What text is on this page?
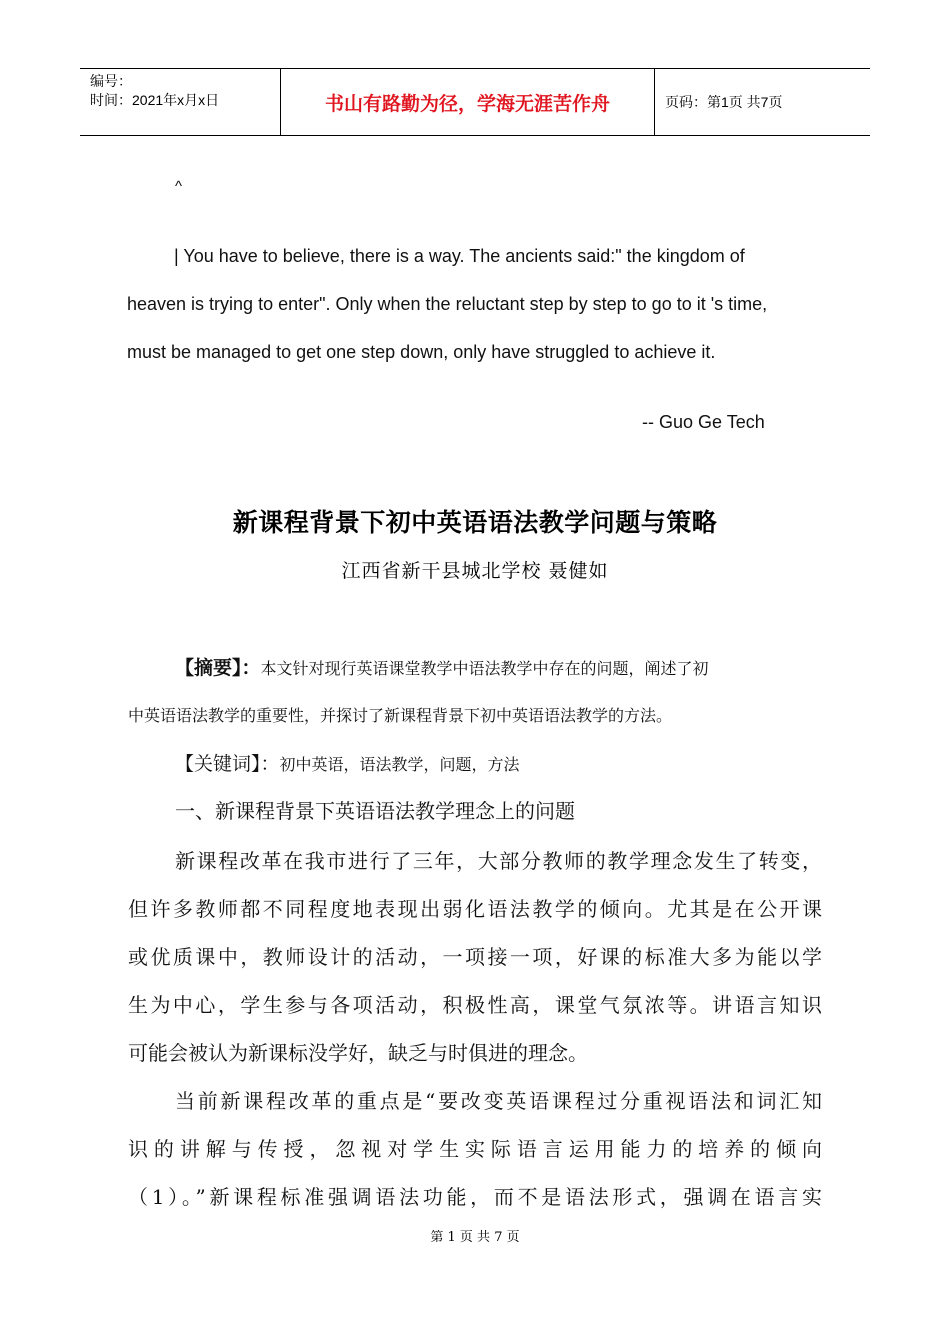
编号：
时间：2021年x月x日	书山有路勤为径，学海无涯苦作舟	页码：第1页 共7页
^
| You have to believe, there is a way. The ancients said:" the kingdom of
heaven is trying to enter". Only when the reluctant step by step to go to it 's time,
must be managed to get one step down, only have struggled to achieve it.
-- Guo Ge Tech
新课程背景下初中英语语法教学问题与策略
江西省新干县城北学校 聂健如
【摘要】：本文针对现行英语课堂教学中语法教学中存在的问题，阐述了初
中英语语法教学的重要性，并探讨了新课程背景下初中英语语法教学的方法。
【关键词】：初中英语，语法教学，问题，方法
一、新课程背景下英语语法教学理念上的问题
新课程改革在我市进行了三年，大部分教师的教学理念发生了转变，
但许多教师都不同程度地表现出弱化语法教学的倾向。尤其是在公开课
或优质课中，教师设计的活动，一项接一项，好课的标准大多为能以学
生为中心，学生参与各项活动，积极性高，课堂气氛浓等。讲语言知识
可能会被认为新课标没学好，缺乏与时俱进的理念。
当前新课程改革的重点是“要改变英语课程过分重视语法和词汇知
识的讲解与传授，忽视对学生实际语言运用能力的培养的倾向
（1）。”新课程标准强调语法功能，而不是语法形式，强调在语言实
第 1 页 共 7 页
